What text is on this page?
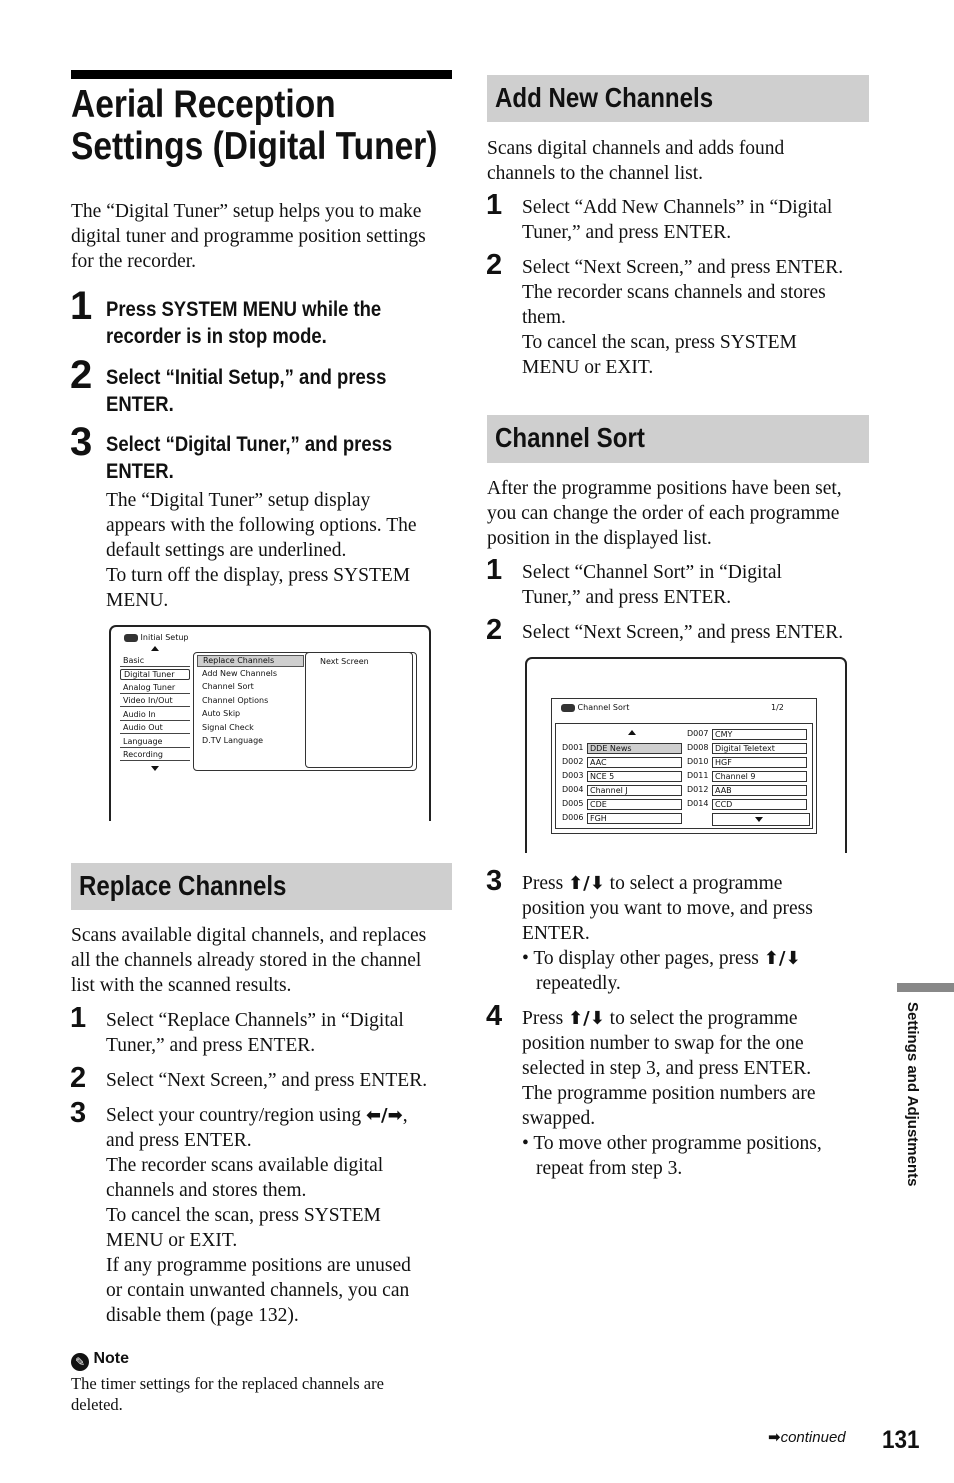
Aerial Reception
Settings (Digital Tuner)
The “Digital Tuner” setup helps you to make
digital tuner and programme position settings
for the recorder.
1 Press SYSTEM MENU while the
recorder is in stop mode.
2 Select “Initial Setup,” and press
ENTER.
3 Select “Digital Tuner,” and press
ENTER.
The “Digital Tuner” setup display
appears with the following options. The
default settings are underlined.
To turn off the display, press SYSTEM
MENU.
Initial Setup
Basic
Digital Tuner
Analog Tuner
Video In/Out
Audio In
Audio Out
Language
Recording
Replace Channels
Add New Channels
Channel Sort
Channel Options
Auto Skip
Signal Check
D.TV Language
Next Screen
Replace Channels
Scans available digital channels, and replaces
all the channels already stored in the channel
list with the scanned results.
1 Select “Replace Channels” in “Digital
Tuner,” and press ENTER.
2 Select “Next Screen,” and press ENTER.
3 Select your country/region using ⬅/➡,
and press ENTER.
The recorder scans available digital
channels and stores them.
To cancel the scan, press SYSTEM
MENU or EXIT.
If any programme positions are unused
or contain unwanted channels, you can
disable them (page 132).
✎ Note
The timer settings for the replaced channels are
deleted.
Add New Channels
Scans digital channels and adds found
channels to the channel list.
1 Select “Add New Channels” in “Digital
Tuner,” and press ENTER.
2 Select “Next Screen,” and press ENTER.
The recorder scans channels and stores
them.
To cancel the scan, press SYSTEM
MENU or EXIT.
Channel Sort
After the programme positions have been set,
you can change the order of each programme
position in the displayed list.
1 Select “Channel Sort” in “Digital
Tuner,” and press ENTER.
2 Select “Next Screen,” and press ENTER.
Channel Sort	1/2
D001 DDE News
D002 AAC
D003 NCE 5
D004 Channel J
D005 CDE
D006 FGH
D007 CMY
D008 Digital Teletext
D010 HGF
D011 Channel 9
D012 AAB
D014 CCD
3 Press ⬆/⬇ to select a programme
position you want to move, and press
ENTER.
• To display other pages, press ⬆/⬇
repeatedly.
4 Press ⬆/⬇ to select the programme
position number to swap for the one
selected in step 3, and press ENTER.
The programme position numbers are
swapped.
• To move other programme positions,
repeat from step 3.	Settings and Adjustments
➡continued 131
